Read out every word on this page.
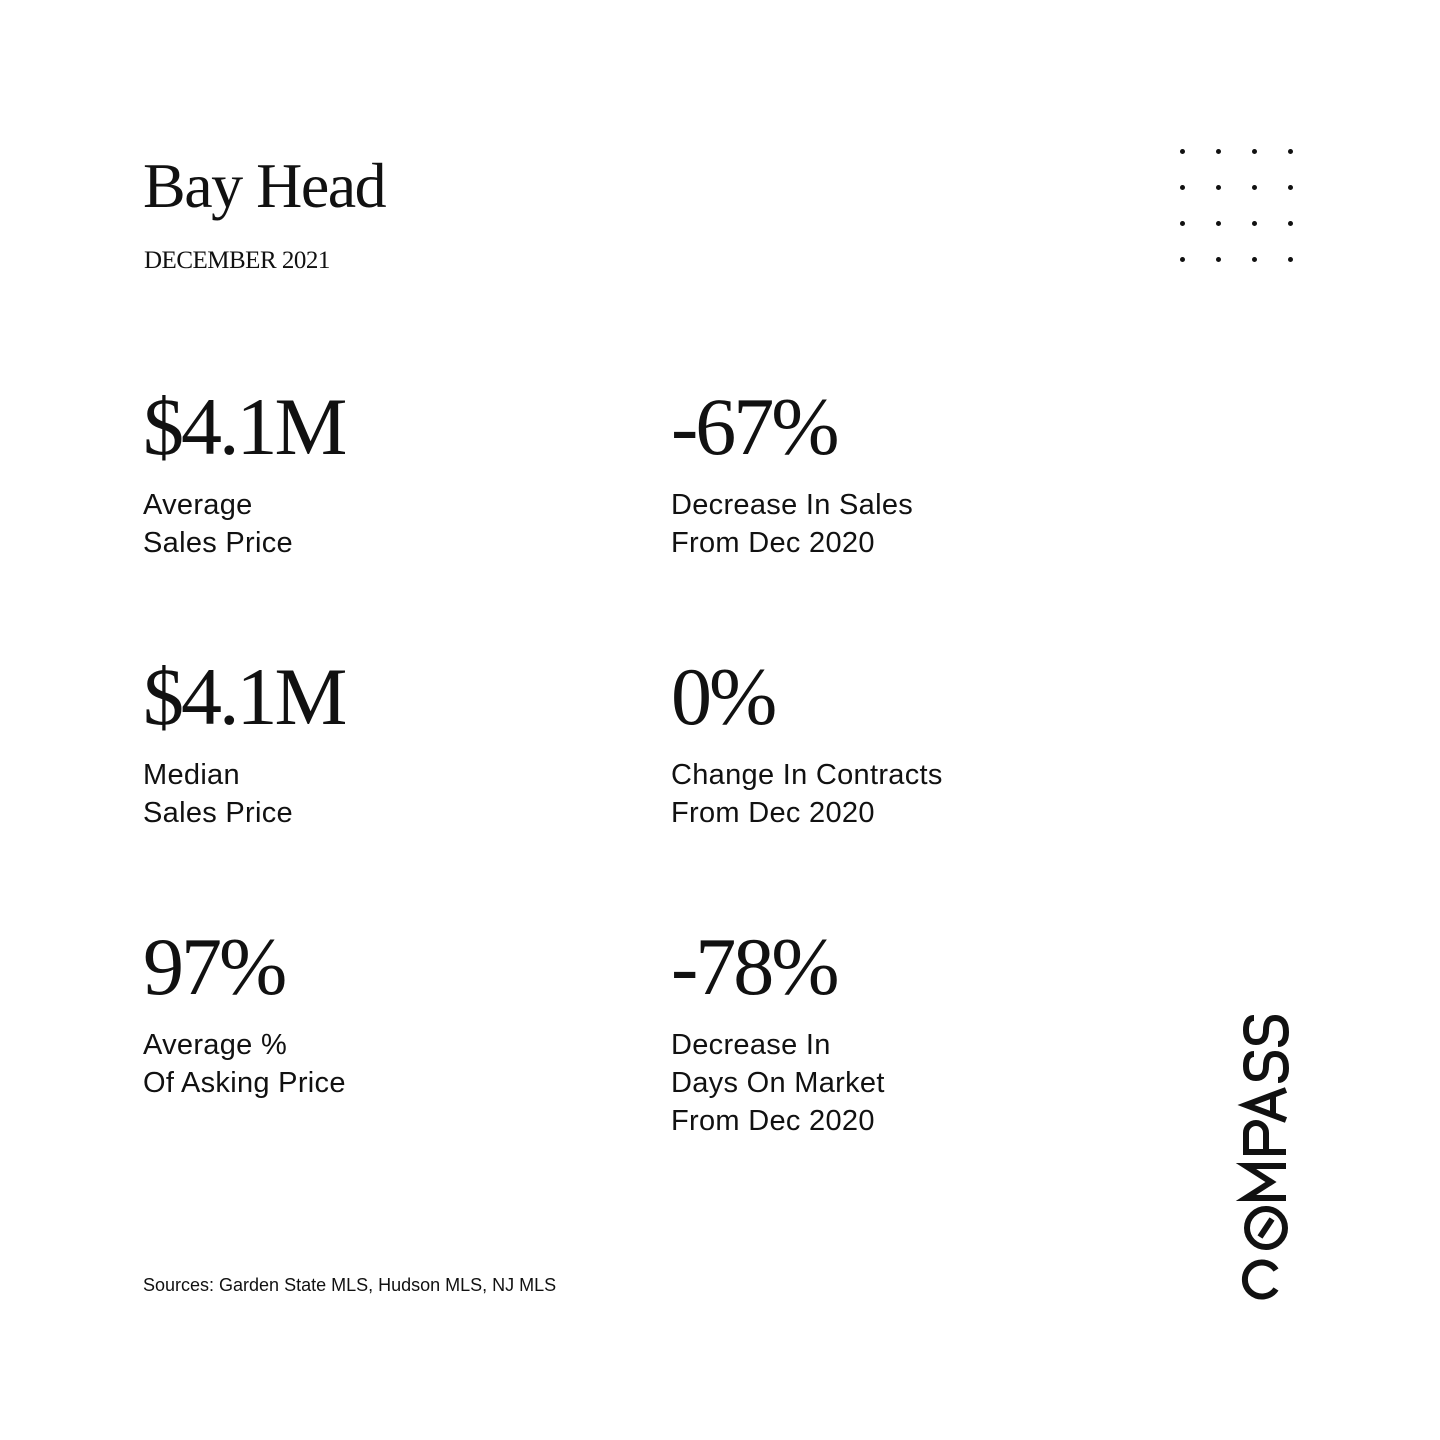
Bay Head
DECEMBER 2021
$4.1M
Average
Sales Price
-67%
Decrease In Sales
From Dec 2020
$4.1M
Median
Sales Price
0%
Change In Contracts
From Dec 2020
97%
Average %
Of Asking Price
-78%
Decrease In
Days On Market
From Dec 2020
Sources: Garden State MLS, Hudson MLS, NJ MLS
